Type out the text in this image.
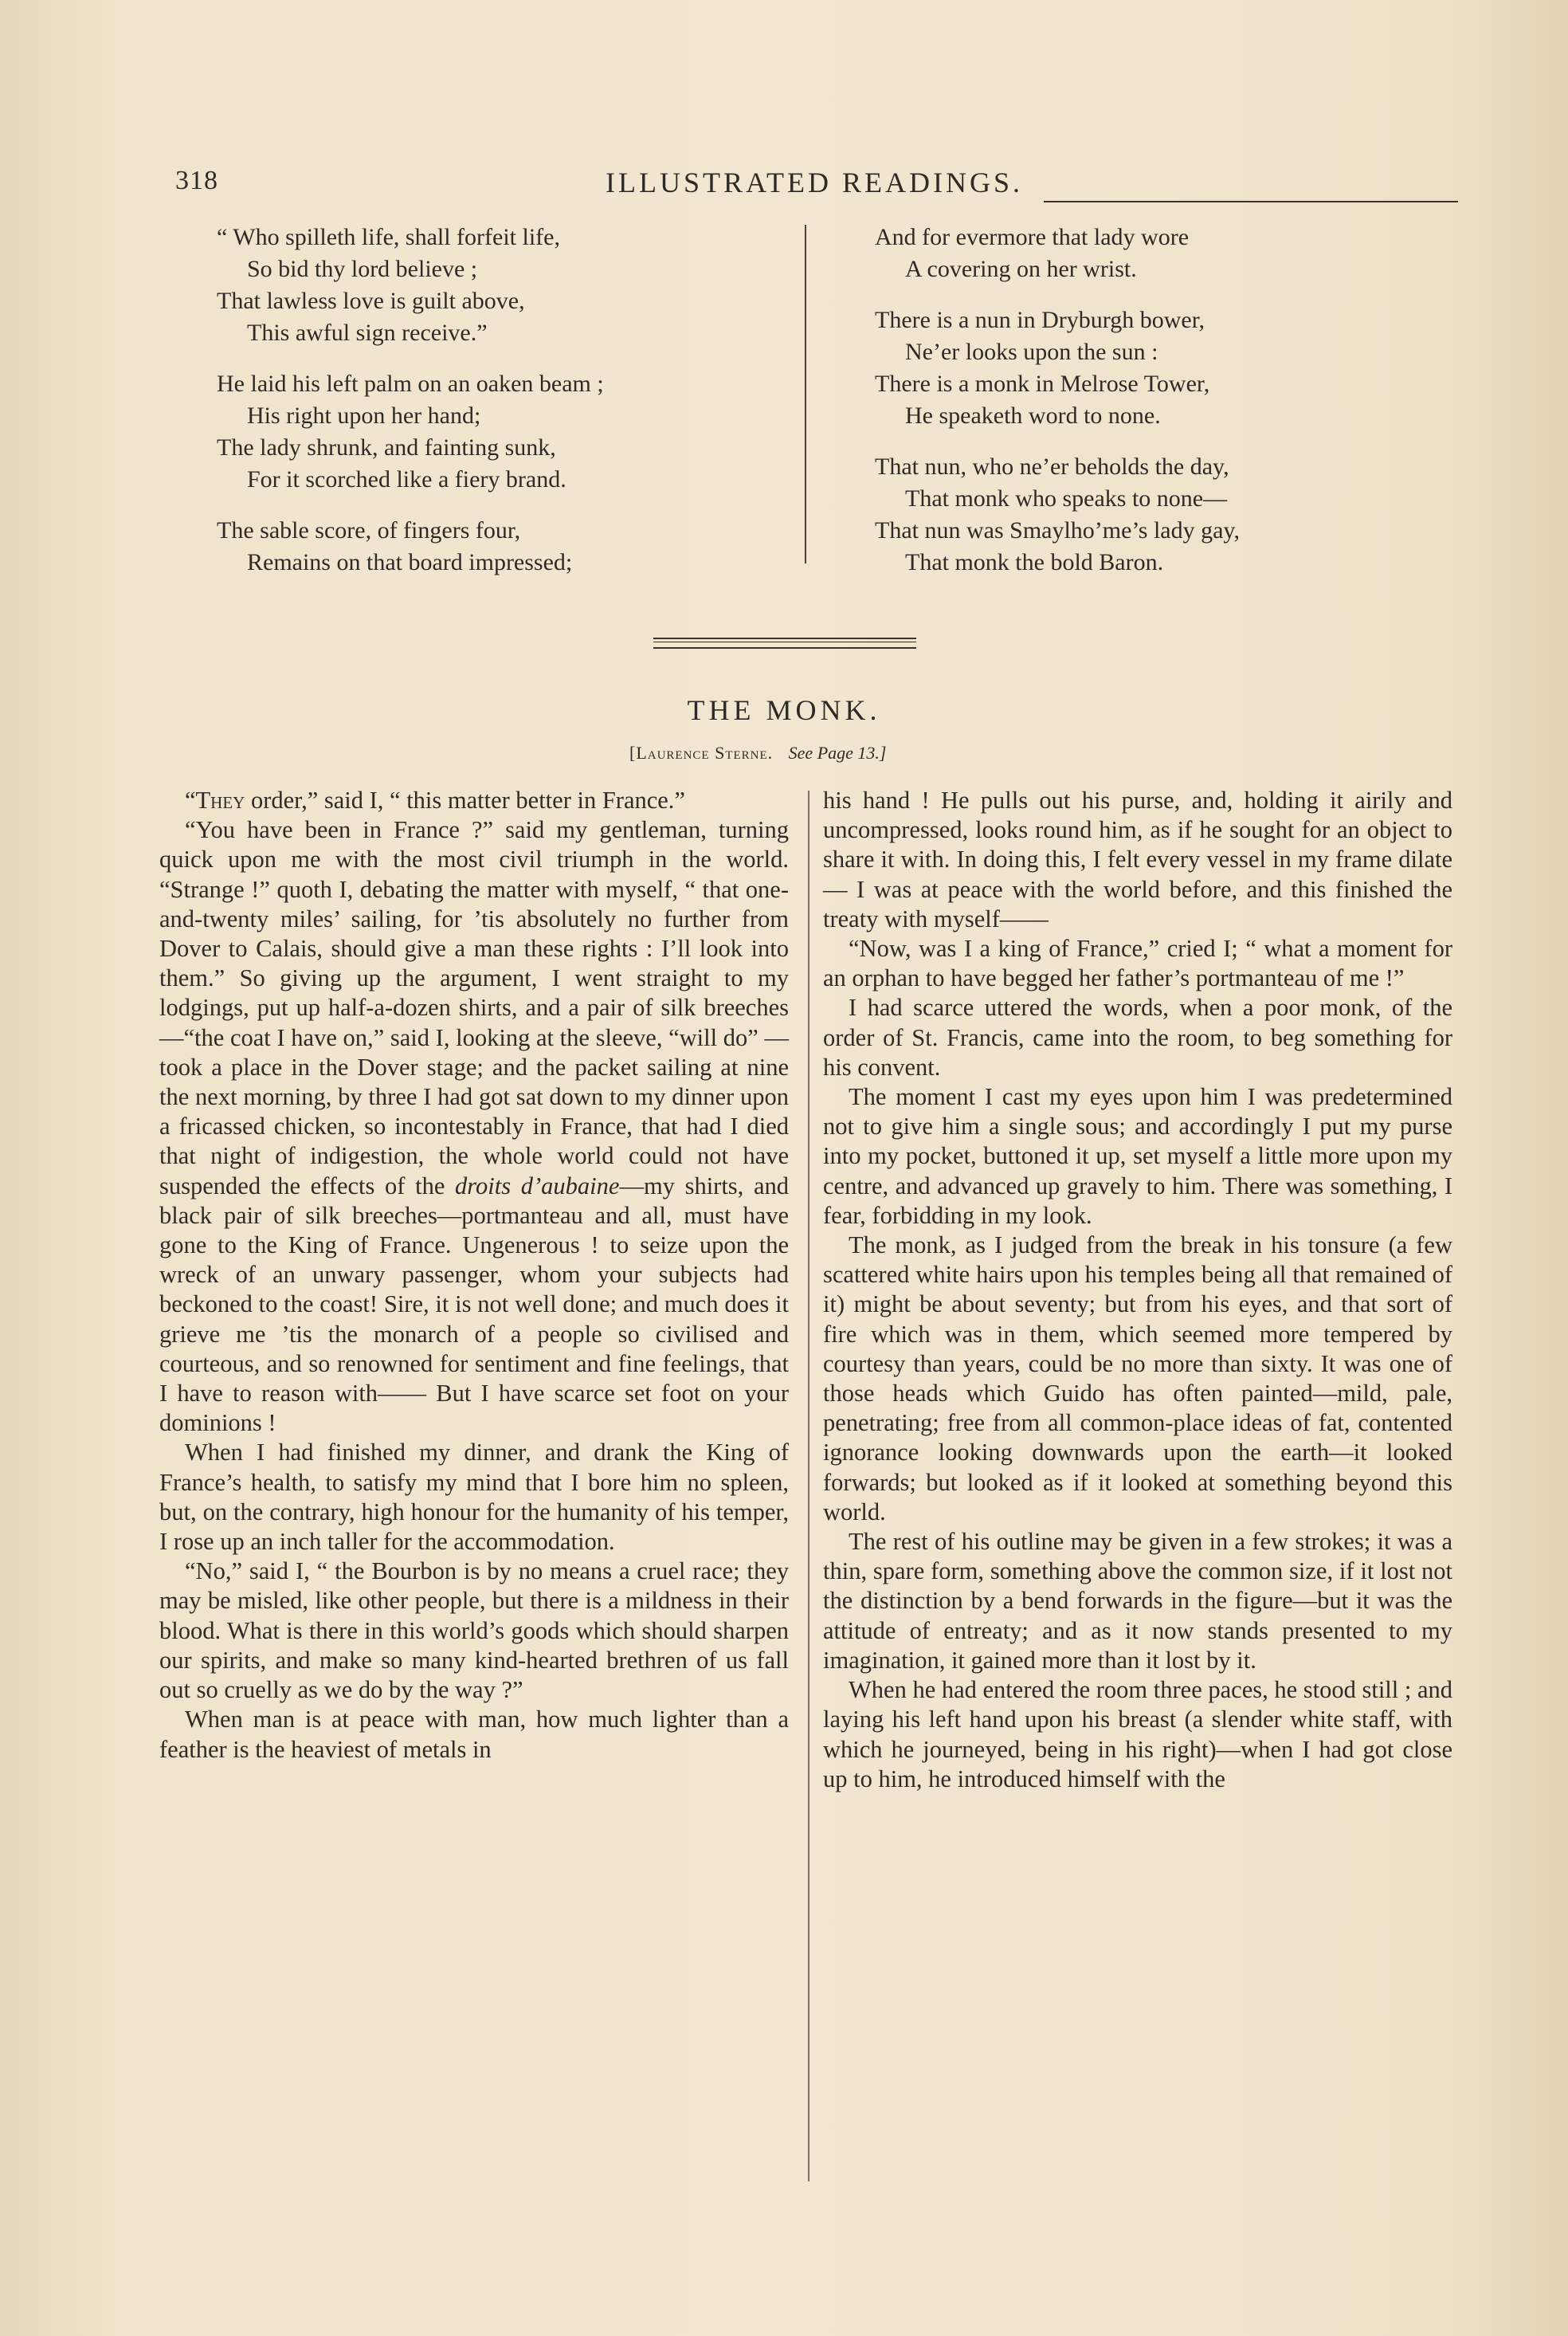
318	ILLUSTRATED READINGS.
“ Who spilleth life, shall forfeit life,
So bid thy lord believe ;
That lawless love is guilt above,
This awful sign receive.”
He laid his left palm on an oaken beam ;
His right upon her hand;
The lady shrunk, and fainting sunk,
For it scorched like a fiery brand.
The sable score, of fingers four,
Remains on that board impressed;
And for evermore that lady wore
A covering on her wrist.
There is a nun in Dryburgh bower,
Ne’er looks upon the sun :
There is a monk in Melrose Tower,
He speaketh word to none.
That nun, who ne’er beholds the day,
That monk who speaks to none—
That nun was Smaylho’me’s lady gay,
That monk the bold Baron.
THE MONK.
[Laurence Sterne. See Page 13.]

“They order,” said I, “ this matter better in France.”

“You have been in France ?” said my gentleman, turning quick upon me with the most civil triumph in the world. “Strange !” quoth I, debating the matter with myself, “ that one-and-twenty miles’ sailing, for ’tis absolutely no further from Dover to Calais, should give a man these rights : I’ll look into them.” So giving up the argument, I went straight to my lodgings, put up half-a-dozen shirts, and a pair of silk breeches—“the coat I have on,” said I, looking at the sleeve, “will do” —took a place in the Dover stage; and the packet sailing at nine the next morning, by three I had got sat down to my dinner upon a fricassed chicken, so incontestably in France, that had I died that night of indigestion, the whole world could not have suspended the effects of the droits d’aubaine—my shirts, and black pair of silk breeches—portmanteau and all, must have gone to the King of France. Ungenerous ! to seize upon the wreck of an unwary passenger, whom your subjects had beckoned to the coast! Sire, it is not well done; and much does it grieve me ’tis the monarch of a people so civilised and courteous, and so renowned for sentiment and fine feelings, that I have to reason with—— But I have scarce set foot on your dominions !

When I had finished my dinner, and drank the King of France’s health, to satisfy my mind that I bore him no spleen, but, on the contrary, high honour for the humanity of his temper, I rose up an inch taller for the accommodation.

“No,” said I, “ the Bourbon is by no means a cruel race; they may be misled, like other people, but there is a mildness in their blood. What is there in this world’s goods which should sharpen our spirits, and make so many kind-hearted brethren of us fall out so cruelly as we do by the way ?”

When man is at peace with man, how much lighter than a feather is the heaviest of metals in

his hand ! He pulls out his purse, and, holding it airily and uncompressed, looks round him, as if he sought for an object to share it with. In doing this, I felt every vessel in my frame dilate— I was at peace with the world before, and this finished the treaty with myself——

“Now, was I a king of France,” cried I; “ what a moment for an orphan to have begged her father’s portmanteau of me !”

I had scarce uttered the words, when a poor monk, of the order of St. Francis, came into the room, to beg something for his convent.

The moment I cast my eyes upon him I was predetermined not to give him a single sous; and accordingly I put my purse into my pocket, buttoned it up, set myself a little more upon my centre, and advanced up gravely to him. There was something, I fear, forbidding in my look.

The monk, as I judged from the break in his tonsure (a few scattered white hairs upon his temples being all that remained of it) might be about seventy; but from his eyes, and that sort of fire which was in them, which seemed more tempered by courtesy than years, could be no more than sixty. It was one of those heads which Guido has often painted—mild, pale, penetrating; free from all common-place ideas of fat, contented ignorance looking downwards upon the earth—it looked forwards; but looked as if it looked at something beyond this world.

The rest of his outline may be given in a few strokes; it was a thin, spare form, something above the common size, if it lost not the distinction by a bend forwards in the figure—but it was the attitude of entreaty; and as it now stands presented to my imagination, it gained more than it lost by it.

When he had entered the room three paces, he stood still ; and laying his left hand upon his breast (a slender white staff, with which he journeyed, being in his right)—when I had got close up to him, he introduced himself with the
